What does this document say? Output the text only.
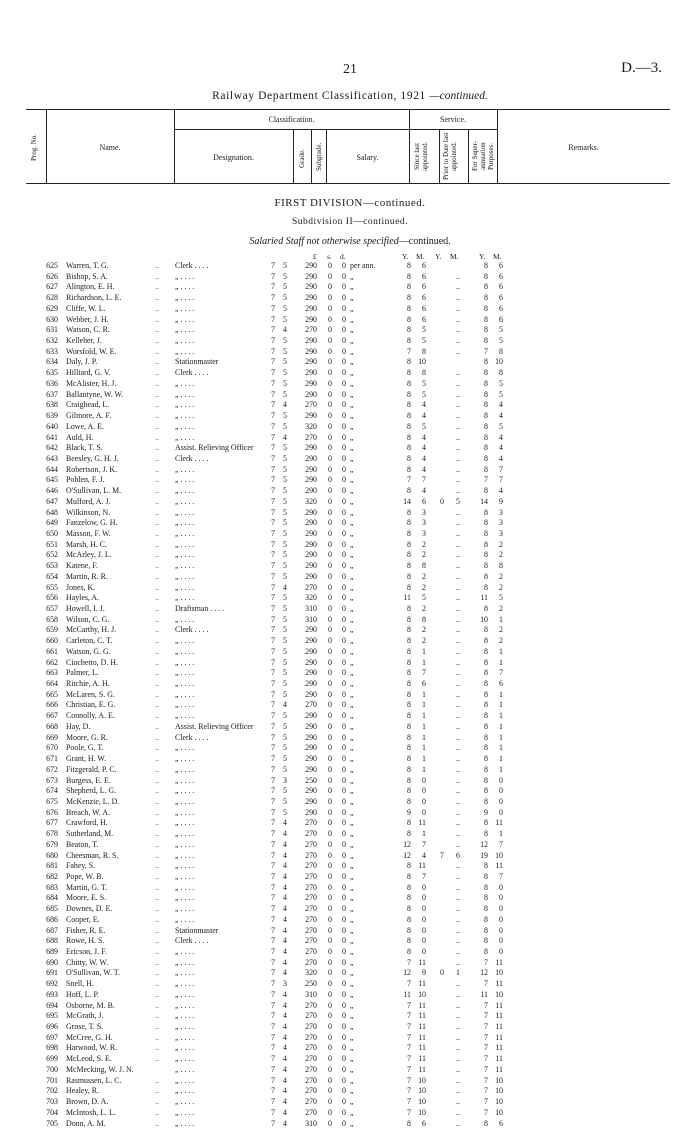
21	D.—3.
Railway Department Classification, 1921 —continued.
Prog. No.	Name.
Classification.
Designation.	Grade. Subgrade.	Salary.
Service.
Since last appointed.	Prior to Date last appointed.	For Super-annuation Purposes.	Remarks.
FIRST DIVISION—continued.
Subdivision II—continued.
Salaried Staff not otherwise specified—continued.
£ s. d.	Y. M. Y. M.	Y. M.
625 Warren, T. G.	.. Clerk . . . .	7	5	290	0	0 per ann.	8	6	8	6
626 Bishop, S. A.	.. „ . . . .	7	5	290	0	0 „	8	6	..	8	6
627 Alington, E. H.	.. „ . . . .	7	5	290	0	0 „	8	6	..	8	6
628 Richardson, L. E.	.. „ . . . .	7	5	290	0	0 „	8	6	..	8	6
629 Cliffe, W. L.	.. „ . . . .	7	5	290	0	0 „	8	6	..	8	6
630 Webber, J. H.	.. „ . . . .	7	5	290	0	0 „	8	6	..	8	6
631 Watson, C. R.	.. „ . . . .	7	4	270	0	0 „	8	5	..	8	5
632 Kelleher, J.	.. „ . . . .	7	5	290	0	0 „	8	5	..	8	5
633 Worsfold, W. E.	.. „ . . . .	7	5	290	0	0 „	7	8	..	7	8
634 Daly, J. P.	.. Stationmaster	7	5	290	0	0 „	8 10	8 10
635 Hilliard, G. V.	.. Clerk . . . .	7	5	290	0	0 „	8	8	..	8	8
636 McAlister, H. J.	.. „ . . . .	7	5	290	0	0 „	8	5	..	8	5
637 Ballantyne, W. W.	.. „ . . . .	7	5	290	0	0 „	8	5	..	8	5
638 Craighead, L.	.. „ . . . .	7	4	270	0	0 „	8	4	..	8	4
639 Gilmore, A. F.	.. „ . . . .	7	5	290	0	0 „	8	4	..	8	4
640 Lowe, A. E.	.. „ . . . .	7	5	320	0	0 „	8	5	..	8	5
641 Auld, H.	.. „ . . . .	7	4	270	0	0 „	8	4	..	8	4
642 Black, T. S.	.. Assist. Relieving Officer	7	5	290	0	0 „	8	4	..	8	4
643 Beesley, G. H. J.	.. Clerk . . . .	7	5	290	0	0 „	8	4	..	8	4
644 Robertson, J. K.	.. „ . . . .	7	5	290	0	0 „	8	4	..	8	7
645 Pohlen, F. J.	.. „ . . . .	7	5	290	0	0 „	7	7	..	7	7
646 O'Sullivan, L. M.	.. „ . . . .	7	5	290	0	0 „	8	4	..	8	4
647 Mulford, A. J.	.. „ . . . .	7	5	320	0	0 „	14	6	0	5	14	9
648 Wilkinson, N.	.. „ . . . .	7	5	290	0	0 „	8	3	..	8	3
649 Fanzelow, G. H.	.. „ . . . .	7	5	290	0	0 „	8	3	..	8	3
650 Masson, F. W.	.. „ . . . .	7	5	290	0	0 „	8	3	..	8	3
651 Marsh, H. C.	.. „ . . . .	7	5	290	0	0 „	8	2	..	8	2
652 McArley, J. L.	.. „ . . . .	7	5	290	0	0 „	8	2	..	8	2
653 Katene, F.	.. „ . . . .	7	5	290	0	0 „	8	8	..	8	8
654 Martin, R. R.	.. „ . . . .	7	5	290	0	0 „	8	2	..	8	2
655 Jones, K.	.. „ . . . .	7	4	270	0	0 „	8	2	..	8	2
656 Hayles, A.	.. „ . . . .	7	5	320	0	0 „	11	5	..	11	5
657 Howell, I. J.	.. Draftsman . . . .	7	5	310	0	0 „	8	2	..	8	2
658 Wilson, C. G.	.. „ . . . .	7	5	310	0	0 „	8	8	..	10	1
659 McCarthy, H. J.	.. Clerk . . . .	7	5	290	0	0 „	8	2	..	8	2
660 Carleton, C. T.	.. „ . . . .	7	5	290	0	0 „	8	2	..	8	2
661 Watson, G. G.	.. „ . . . .	7	5	290	0	0 „	8	1	..	8	1
662 Ciochetto, D. H.	.. „ . . . .	7	5	290	0	0 „	8	1	..	8	1
663 Palmer, L.	.. „ . . . .	7	5	290	0	0 „	8	7	..	8	7
664 Ritchie, A. H.	.. „ . . . .	7	5	290	0	0 „	8	6	..	8	6
665 McLaren, S. G.	.. „ . . . .	7	5	290	0	0 „	8	1	..	8	1
666 Christian, E. G.	.. „ . . . .	7	4	270	0	0 „	8	1	..	8	1
667 Connolly, A. E.	.. „ . . . .	7	5	290	0	0 „	8	1	..	8	1
668 Hay, D.	.. Assist. Relieving Officer	7	5	290	0	0 „	8	1	..	8	1
669 Moore, G. R.	.. Clerk . . . .	7	5	290	0	0 „	8	1	..	8	1
670 Poole, G. T.	.. „ . . . .	7	5	290	0	0 „	8	1	..	8	1
671 Grant, H. W.	.. „ . . . .	7	5	290	0	0 „	8	1	..	8	1
672 Fitzgerald, P. C.	.. „ . . . .	7	5	290	0	0 „	8	1	..	8	1
673 Burgess, E. E.	.. „ . . . .	7	3	250	0	0 „	8	0	..	8	0
674 Shepherd, L. G.	.. „ . . . .	7	5	290	0	0 „	8	0	..	8	0
675 McKenzie, L. D.	.. „ . . . .	7	5	290	0	0 „	8	0	..	8	0
676 Breach, W. A.	.. „ . . . .	7	5	290	0	0 „	9	0	..	9	0
677 Crawford, H.	.. „ . . . .	7	4	270	0	0 „	8 11	..	8 11
678 Sutherland, M.	.. „ . . . .	7	4	270	0	0 „	8	1	..	8	1
679 Beaton, T.	.. „ . . . .	7	4	270	0	0 „	12	7	..	12	7
680 Cheesman, R. S.	.. „ . . . .	7	4	270	0	0 „	12	4	7	6	19 10
681 Fahey, S.	.. „ . . . .	7	4	270	0	0 „	8 11	..	8 11
682 Pope, W. B.	.. „ . . . .	7	4	270	0	0 „	8	7	..	8	7
683 Martin, G. T.	.. „ . . . .	7	4	270	0	0 „	8	0	..	8	0
684 Moore, E. S.	.. „ . . . .	7	4	270	0	0 „	8	0	..	8	0
685 Downes, D. E.	.. „ . . . .	7	4	270	0	0 „	8	0	..	8	0
686 Cooper, E.	.. „ . . . .	7	4	270	0	0 „	8	0	..	8	0
687 Fisher, R. E.	.. Stationmaster	7	4	270	0	0 „	8	0	..	8	0
688 Rowe, H. S.	.. Clerk . . . .	7	4	270	0	0 „	8	0	..	8	0
689 Ericson, J. F.	.. „ . . . .	7	4	270	0	0 „	8	0	..	8	0
690 Chitty, W. W.	.. „ . . . .	7	4	270	0	0 „	7 11	..	7 11
691 O'Sullivan, W. T.	.. „ . . . .	7	4	320	0	0 „	12	9	0	1	12 10
692 Snell, H.	.. „ . . . .	7	3	250	0	0 „	7 11	..	7 11
693 Hoff, L. P.	.. „ . . . .	7	4	310	0	0 „	11 10	..	11 10
694 Osborne, M. B.	.. „ . . . .	7	4	270	0	0 „	7 11	..	7 11
695 McGrath, J.	.. „ . . . .	7	4	270	0	0 „	7 11	..	7 11
696 Grose, T. S.	.. „ . . . .	7	4	270	0	0 „	7 11	..	7 11
697 McCree, G. H.	.. „ . . . .	7	4	270	0	0 „	7 11	..	7 11
698 Harwood, W. R.	.. „ . . . .	7	4	270	0	0 „	7 11	..	7 11
699 McLeod, S. E.	.. „ . . . .	7	4	270	0	0 „	7 11	..	7 11
700 McMecking, W. J. N.	„ . . . .	7	4	270	0	0 „	7 11	..	7 11
701 Rasmussen, L. C.	.. „ . . . .	7	4	270	0	0 „	7 10	..	7 10
702 Healey, R.	.. „ . . . .	7	4	270	0	0 „	7 10	..	7 10
703 Brown, D. A.	.. „ . . . .	7	4	270	0	0 „	7 10	..	7 10
704 McIntosh, L. L.	.. „ . . . .	7	4	270	0	0 „	7 10	..	7 10
705 Donn, A. M.	.. „ . . . .	7	4	310	0	0 „	8	6	..	8	6
